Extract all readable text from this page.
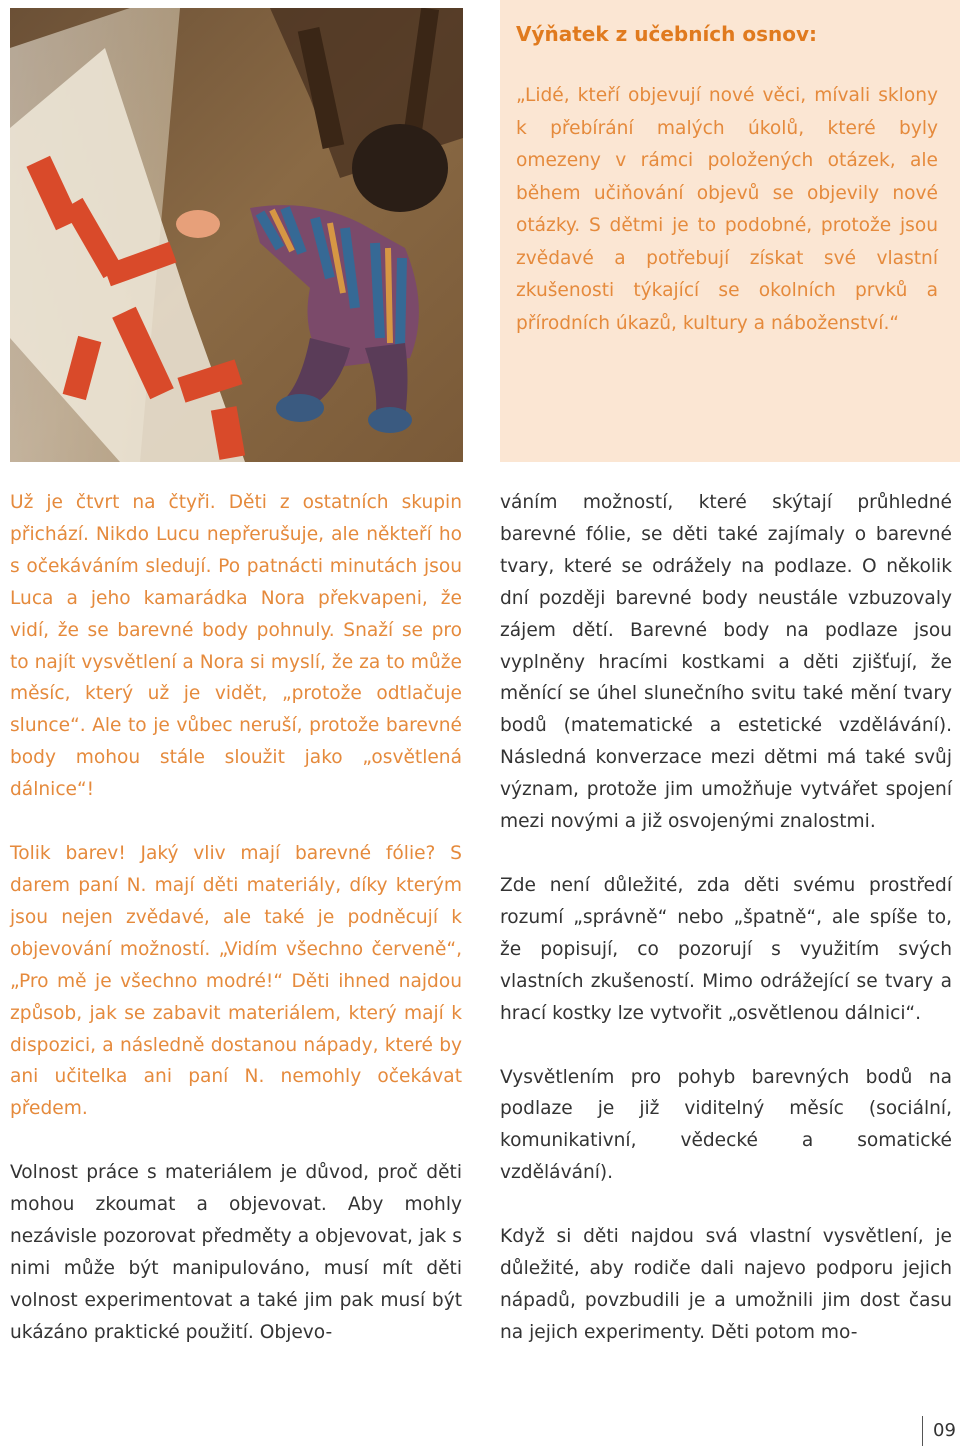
Výňatek z učebních osnov:
„Lidé, kteří objevují nové věci, mívali sklony k přebírání malých úkolů, které byly omezeny v rámci položených otázek, ale během učiňování objevů se objevily nové otázky. S dětmi je to podobné, protože jsou zvědavé a potřebují získat své vlastní zkušenosti týkající se okolních prvků a přírodních úkazů, kultury a náboženství.“

Už je čtvrt na čtyři. Děti z ostatních skupin přichází. Nikdo Lucu nepřerušuje, ale někteří ho s očekáváním sledují. Po patnácti minutách jsou Luca a jeho kamarádka Nora překvapeni, že vidí, že se barevné body pohnuly. Snaží se pro to najít vysvětlení a Nora si myslí, že za to může měsíc, který už je vidět, „protože odtlačuje slunce“. Ale to je vůbec neruší, protože barevné body mohou stále sloužit jako „osvětlená dálnice“!

Tolik barev! Jaký vliv mají barevné fólie? S darem paní N. mají děti materiály, díky kterým jsou nejen zvědavé, ale také je podněcují k objevování možností. „Vidím všechno červeně“, „Pro mě je všechno modré!“ Děti ihned najdou způsob, jak se zabavit materiálem, který mají k dispozici, a následně dostanou nápady, které by ani učitelka ani paní N. nemohly očekávat předem.

Volnost práce s materiálem je důvod, proč děti mohou zkoumat a objevovat. Aby mohly nezávisle pozorovat předměty a objevovat, jak s nimi může být manipulováno, musí mít děti volnost experimentovat a také jim pak musí být ukázáno praktické použití. Objevo-

váním možností, které skýtají průhledné barevné fólie, se děti také zajímaly o barevné tvary, které se odrážely na podlaze. O několik dní později barevné body neustále vzbuzovaly zájem dětí. Barevné body na podlaze jsou vyplněny hracími kostkami a děti zjišťují, že měnící se úhel slunečního svitu také mění tvary bodů (matematické a estetické vzdělávání). Následná konverzace mezi dětmi má také svůj význam, protože jim umožňuje vytvářet spojení mezi novými a již osvojenými znalostmi.

Zde není důležité, zda děti svému prostředí rozumí „správně“ nebo „špatně“, ale spíše to, že popisují, co pozorují s využitím svých vlastních zkušeností. Mimo odrážející se tvary a hrací kostky lze vytvořit „osvětlenou dálnici“.

Vysvětlením pro pohyb barevných bodů na podlaze je již viditelný měsíc (sociální, komunikativní, vědecké a somatické vzdělávání).

Když si děti najdou svá vlastní vysvětlení, je důležité, aby rodiče dali najevo podporu jejich nápadů, povzbudili je a umožnili jim dost času na jejich experimenty. Děti potom mo-

09
